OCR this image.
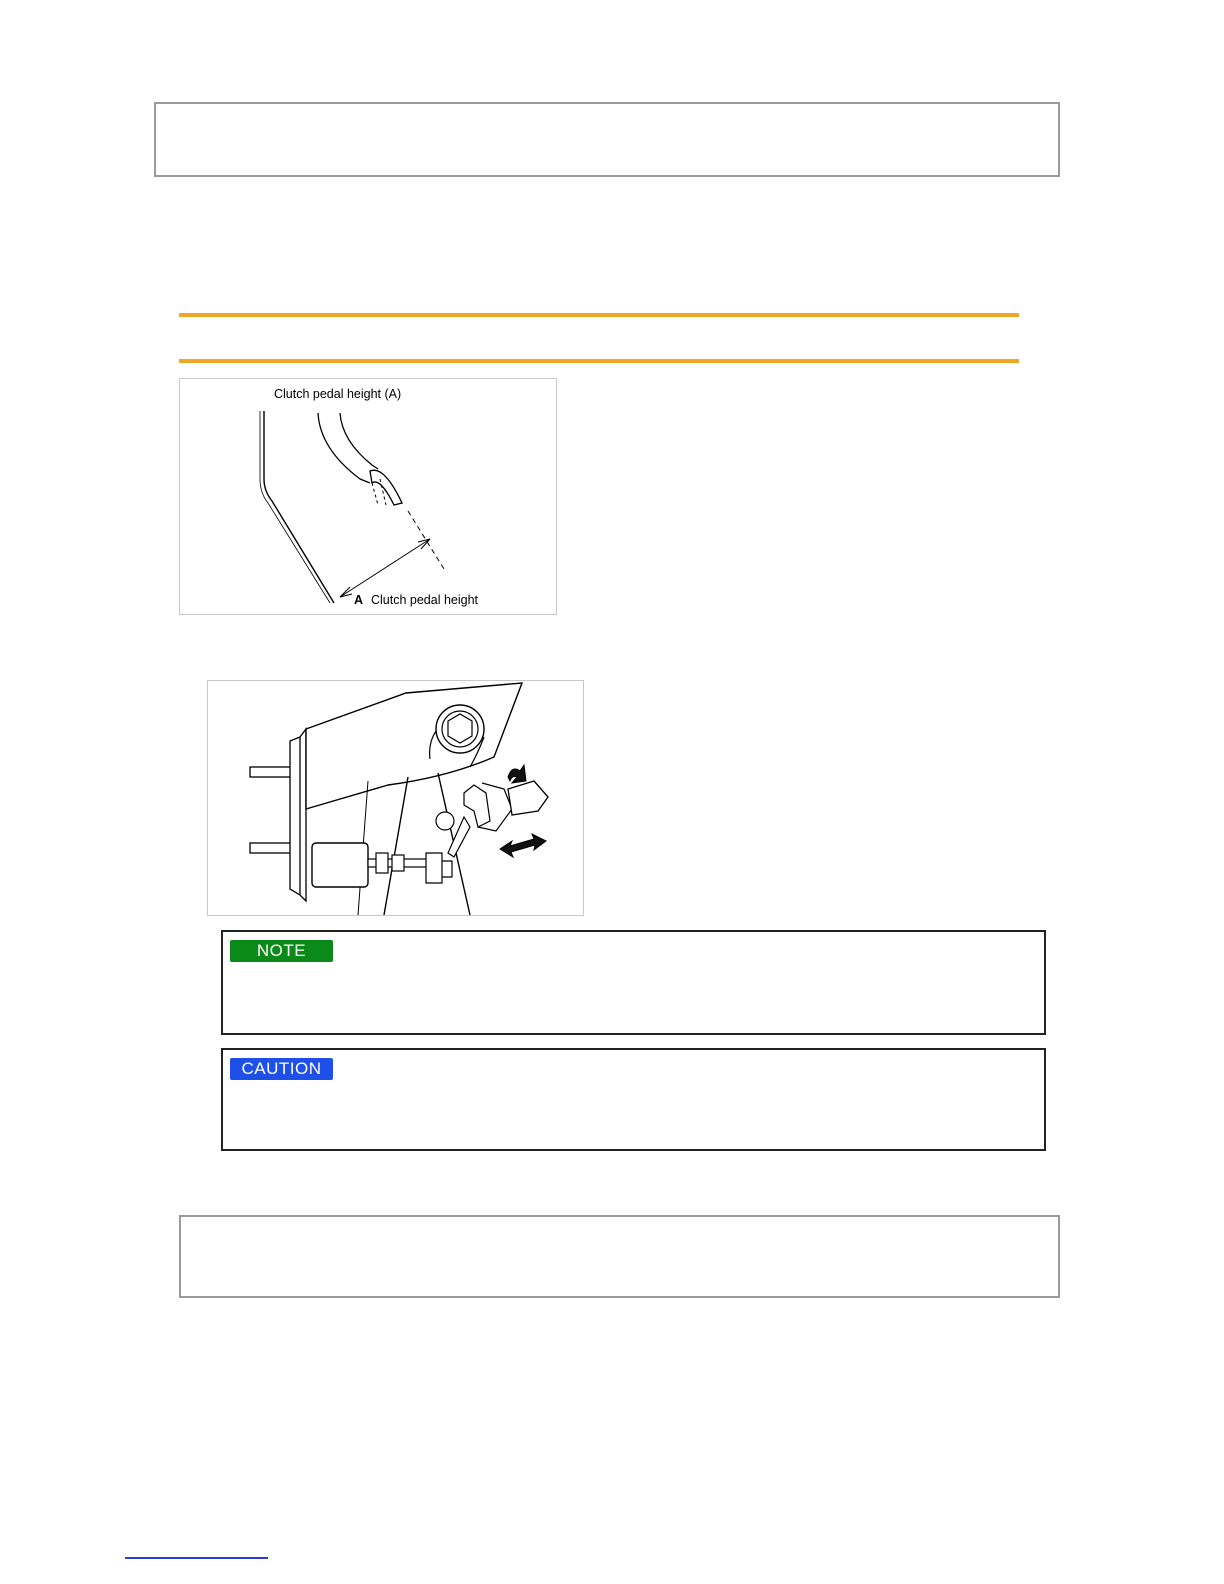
Clutch pedal height (A)
A Clutch pedal height
NOTE
CAUTION
